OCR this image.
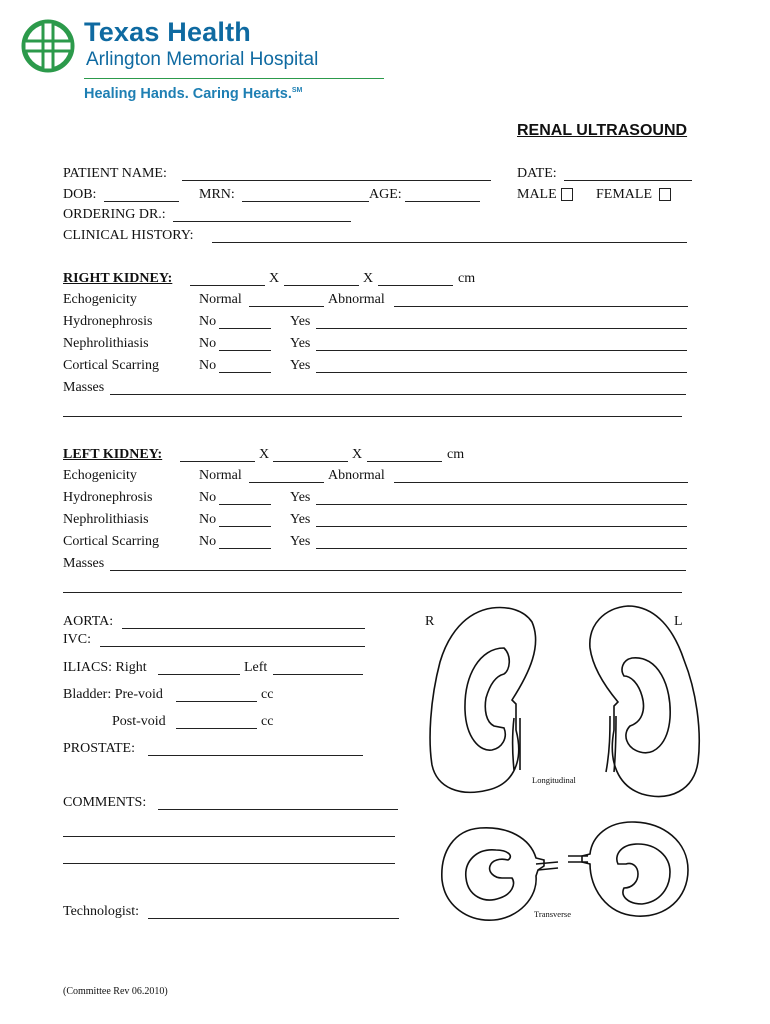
Texas Health
Arlington Memorial Hospital
Healing Hands. Caring Hearts.℠
RENAL ULTRASOUND
PATIENT NAME:	DATE:
DOB:	MRN:	AGE:	MALE	FEMALE
ORDERING DR.:
CLINICAL HISTORY:
RIGHT KIDNEY:	X	X	cm
Echogenicity	Normal	Abnormal
Hydronephrosis	No	Yes
Nephrolithiasis	No	Yes
Cortical Scarring	No	Yes
Masses
LEFT KIDNEY:	X	X	cm
Echogenicity	Normal	Abnormal
Hydronephrosis	No	Yes
Nephrolithiasis	No	Yes
Cortical Scarring	No	Yes
Masses
AORTA:
IVC:
ILIACS: Right	Left
Bladder: Pre-void	cc
Post-void	cc
PROSTATE:
COMMENTS:
Technologist:
R	L
Longitudinal
Transverse
(Committee Rev 06.2010)
